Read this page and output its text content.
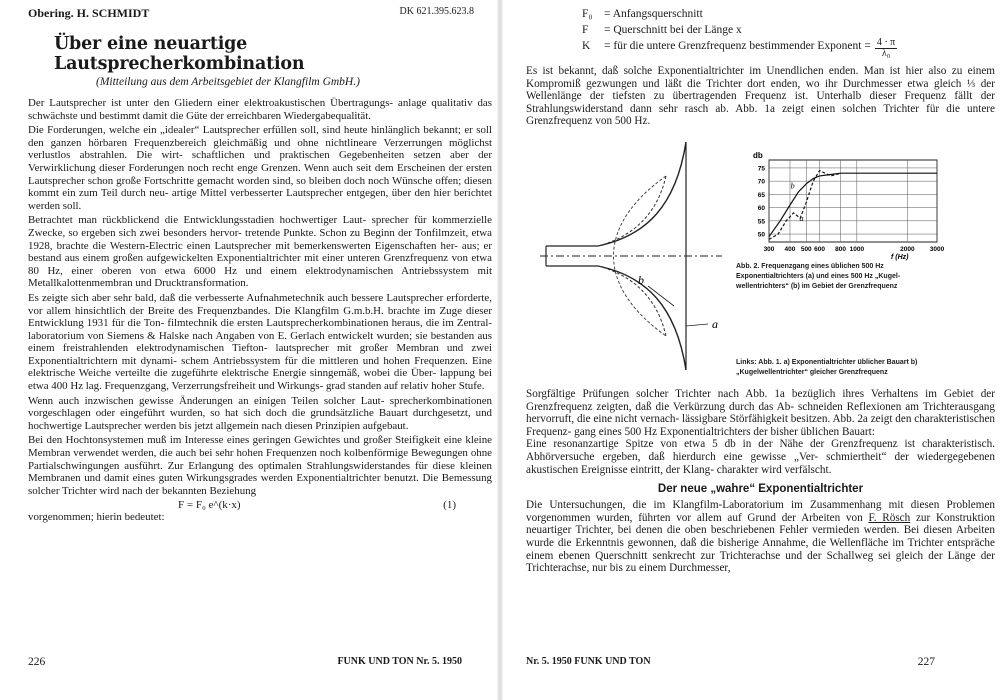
Obering. H. SCHMIDT	DK 621.395.623.8
Über eine neuartige Lautsprecherkombination
(Mitteilung aus dem Arbeitsgebiet der Klangfilm GmbH.)

Der Lautsprecher ist unter den Gliedern einer elektroakustischen Übertragungs- anlage qualitativ das schwächste und bestimmt damit die Güte der erreichbaren Wiedergabequalität.

Die Forderungen, welche ein „idealer“ Lautsprecher erfüllen soll, sind heute hinlänglich bekannt; er soll den ganzen hörbaren Frequenzbereich gleichmäßig und ohne nichtlineare Verzerrungen möglichst verlustlos abstrahlen. Die wirt- schaftlichen und praktischen Gegebenheiten setzen aber der Verwirklichung dieser Forderungen noch recht enge Grenzen. Wenn auch seit dem Erscheinen der ersten Lautsprecher schon große Fortschritte gemacht worden sind, so bleiben doch noch Wünsche offen; diesen kommt ein zum Teil durch neu- artige Mittel verbesserter Lautsprecher entgegen, über den hier berichtet werden soll.

Betrachtet man rückblickend die Entwicklungsstadien hochwertiger Laut- sprecher für kommerzielle Zwecke, so ergeben sich zwei besonders hervor- tretende Punkte. Schon zu Beginn der Tonfilmzeit, etwa 1928, brachte die Western-Electric einen Lautsprecher mit bemerkenswerten Eigenschaften her- aus; er bestand aus einem großen aufgewickelten Exponentialtrichter mit einer unteren Grenzfrequenz von etwa 80 Hz, einer oberen von etwa 6000 Hz und einem elektrodynamischen Antriebssystem mit Metallkalottenmembran und Drucktransformation.

Es zeigte sich aber sehr bald, daß die verbesserte Aufnahmetechnik auch bessere Lautsprecher erforderte, vor allem hinsichtlich der Breite des Frequenzbandes. Die Klangfilm G.m.b.H. brachte im Zuge dieser Entwicklung 1931 für die Ton- filmtechnik die ersten Lautsprecherkombinationen heraus, die im Zentral- laboratorium von Siemens & Halske nach Angaben von E. Gerlach entwickelt wurden; sie bestanden aus einem freistrahlenden elektrodynamischen Tiefton- lautsprecher mit großer Membran und zwei Exponentialtrichtern mit dynami- schem Antriebssystem für die mittleren und hohen Frequenzen. Eine elektrische Weiche verteilte die zugeführte elektrische Energie sinngemäß, wobei die Über- lappung bei etwa 400 Hz lag. Frequenzgang, Verzerrungsfreiheit und Wirkungs- grad standen auf relativ hoher Stufe.

Wenn auch inzwischen gewisse Änderungen an einigen Teilen solcher Laut- sprecherkombinationen vorgeschlagen oder eingeführt wurden, so hat sich doch die grundsätzliche Bauart durchgesetzt, und hochwertige Lautsprecher werden bis jetzt allgemein nach diesen Prinzipien aufgebaut.

Bei den Hochtonsystemen muß im Interesse eines geringen Gewichtes und großer Steifigkeit eine kleine Membran verwendet werden, die auch bei sehr hohen Frequenzen noch kolbenförmige Bewegungen ohne Partialschwingungen ausführt. Zur Erlangung des optimalen Strahlungswiderstandes für diese kleinen Membranen und damit eines guten Wirkungsgrades werden Exponentialtrichter benutzt. Die Bemessung solcher Trichter wird nach der bekannten Beziehung

F = F₀ e^(k·x)	(1)

vorgenommen; hierin bedeutet:

226	FUNK UND TON Nr. 5. 1950
F₀	= Anfangsquerschnitt
F	= Querschnitt bei der Länge x
K	= für die untere Grenzfrequenz bestimmender Exponent = $\frac{4 \cdot \pi}{\text{λ₀}}$

Es ist bekannt, daß solche Exponentialtrichter im Unendlichen enden. Man ist hier also zu einem Kompromiß gezwungen und läßt die Trichter dort enden, wo ihr Durchmesser etwa gleich ⅓ der Wellenlänge der tiefsten zu übertragenden Frequenz ist. Unterhalb dieser Frequenz fällt der Strahlungswiderstand dann sehr rasch ab. Abb. 1a zeigt einen solchen Trichter für die untere Grenzfrequenz von 500 Hz.

b
a
50
55
60
65
70
75
300 400 500 600 800 1000	2000 3000
a
b
db
f (Hz)
Abb. 2. Frequenzgang eines üblichen 500 Hz Exponentialtrichters (a) und eines 500 Hz „Kugel- wellentrichters“ (b) im Gebiet der Grenzfrequenz
Links: Abb. 1. a) Exponentialtrichter üblicher Bauart b) „Kugelwellentrichter“ gleicher Grenzfrequenz

Sorgfältige Prüfungen solcher Trichter nach Abb. 1a bezüglich ihres Verhaltens im Gebiet der Grenzfrequenz zeigten, daß die Verkürzung durch das Ab- schneiden Reflexionen am Trichterausgang hervorruft, die eine nicht vernach- lässigbare Störfähigkeit besitzen. Abb. 2a zeigt den charakteristischen Frequenz- gang eines 500 Hz Exponentialtrichters der bisher üblichen Bauart:

Eine resonanzartige Spitze von etwa 5 db in der Nähe der Grenzfrequenz ist charakteristisch. Abhörversuche ergeben, daß hierdurch eine gewisse „Ver- schmiertheit“ der wiedergegebenen akustischen Ereignisse eintritt, der Klang- charakter wird verfälscht.

Der neue „wahre“ Exponentialtrichter

Die Untersuchungen, die im Klangfilm-Laboratorium im Zusammenhang mit diesen Problemen vorgenommen wurden, führten vor allem auf Grund der Arbeiten von F. Rösch zur Konstruktion neuartiger Trichter, bei denen die oben beschriebenen Fehler vermieden werden. Bei diesen Arbeiten wurde die Erkenntnis gewonnen, daß die bisherige Annahme, die Wellenfläche im Trichter entspräche einem ebenen Querschnitt senkrecht zur Trichterachse und der Schallweg sei gleich der Länge der Trichterachse, nur bis zu einem Durchmesser,

Nr. 5. 1950 FUNK UND TON	227
